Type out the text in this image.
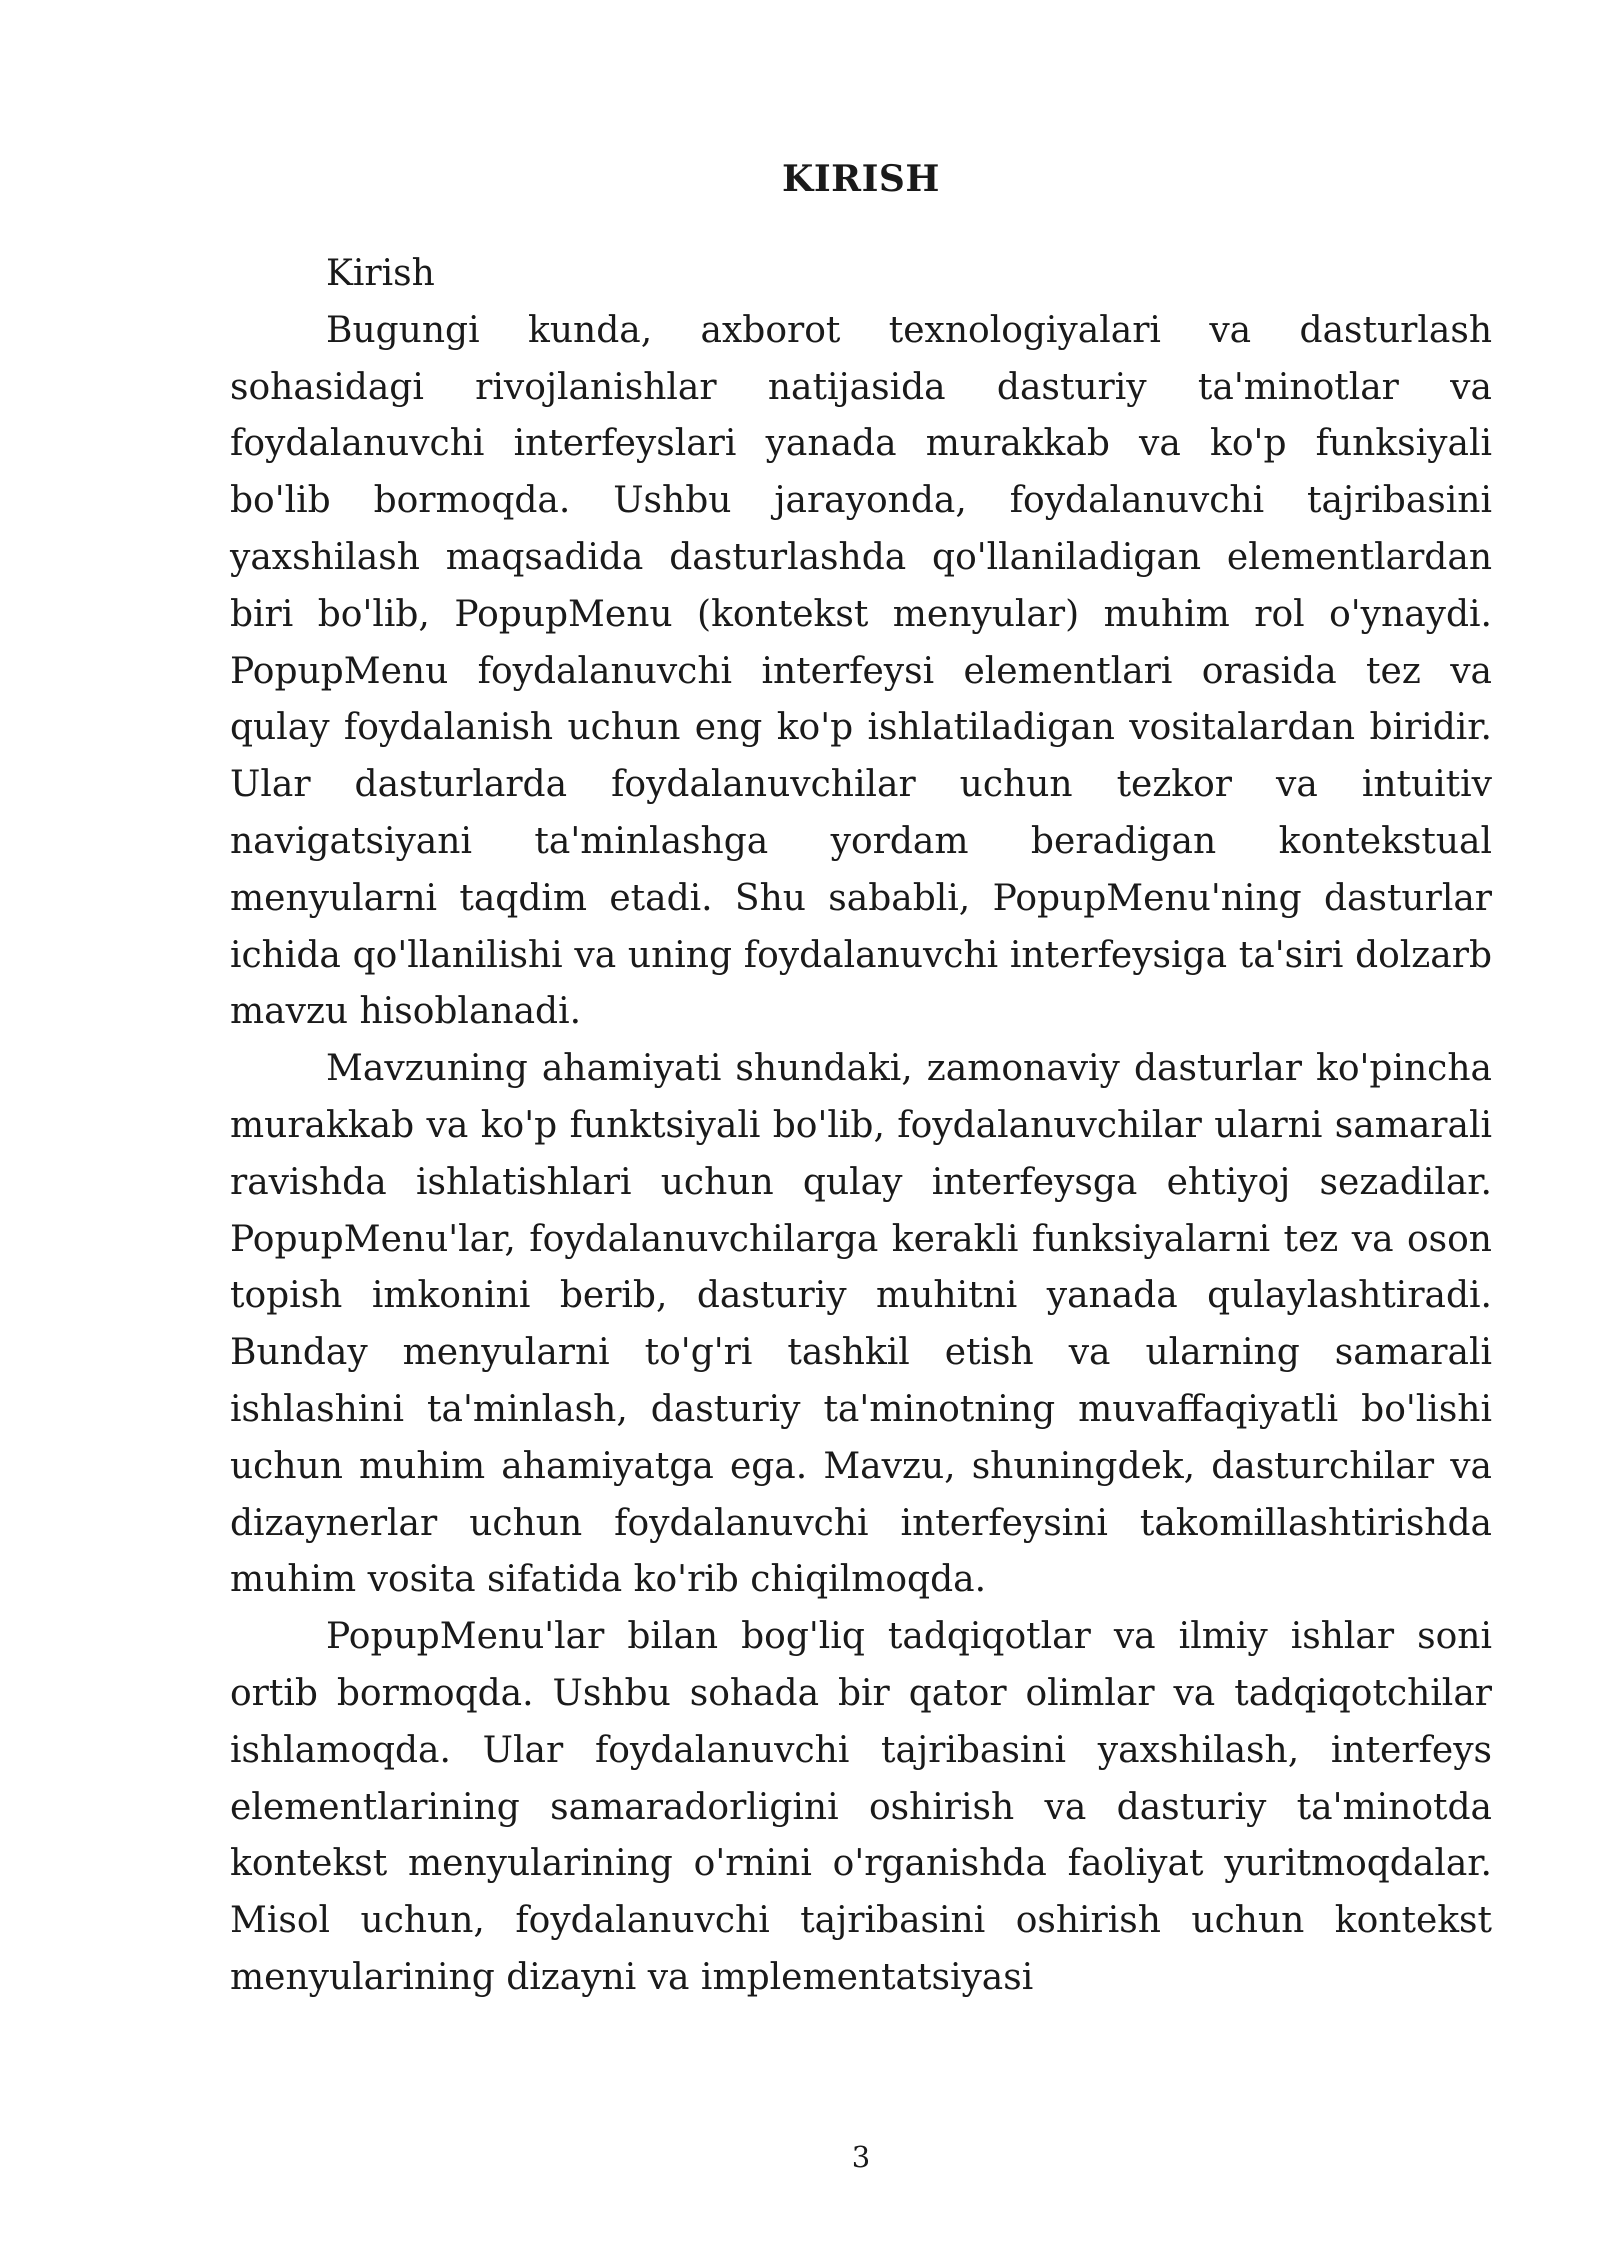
KIRISH

Kirish

Bugungi kunda, axborot texnologiyalari va dasturlash sohasidagi rivojlanishlar natijasida dasturiy ta'minotlar va foydalanuvchi interfeyslari yanada murakkab va ko'p funksiyali bo'lib bormoqda. Ushbu jarayonda, foydalanuvchi tajribasini yaxshilash maqsadida dasturlashda qo'llaniladigan elementlardan biri bo'lib, PopupMenu (kontekst menyular) muhim rol o'ynaydi. PopupMenu foydalanuvchi interfeysi elementlari orasida tez va qulay foydalanish uchun eng ko'p ishlatiladigan vositalardan biridir. Ular dasturlarda foydalanuvchilar uchun tezkor va intuitiv navigatsiyani ta'minlashga yordam beradigan kontekstual menyularni taqdim etadi. Shu sababli, PopupMenu'ning dasturlar ichida qo'llanilishi va uning foydalanuvchi interfeysiga ta'siri dolzarb mavzu hisoblanadi.

Mavzuning ahamiyati shundaki, zamonaviy dasturlar ko'pincha murakkab va ko'p funktsiyali bo'lib, foydalanuvchilar ularni samarali ravishda ishlatishlari uchun qulay interfeysga ehtiyoj sezadilar. PopupMenu'lar, foydalanuvchilarga kerakli funksiyalarni tez va oson topish imkonini berib, dasturiy muhitni yanada qulaylashtiradi. Bunday menyularni to'g'ri tashkil etish va ularning samarali ishlashini ta'minlash, dasturiy ta'minotning muvaffaqiyatli bo'lishi uchun muhim ahamiyatga ega. Mavzu, shuningdek, dasturchilar va dizaynerlar uchun foydalanuvchi interfeysini takomillashtirishda muhim vosita sifatida ko'rib chiqilmoqda.

PopupMenu'lar bilan bog'liq tadqiqotlar va ilmiy ishlar soni ortib bormoqda. Ushbu sohada bir qator olimlar va tadqiqotchilar ishlamoqda. Ular foydalanuvchi tajribasini yaxshilash, interfeys elementlarining samaradorligini oshirish va dasturiy ta'minotda kontekst menyularining o'rnini o'rganishda faoliyat yuritmoqdalar. Misol uchun, foydalanuvchi tajribasini oshirish uchun kontekst menyularining dizayni va implementatsiyasi

3
